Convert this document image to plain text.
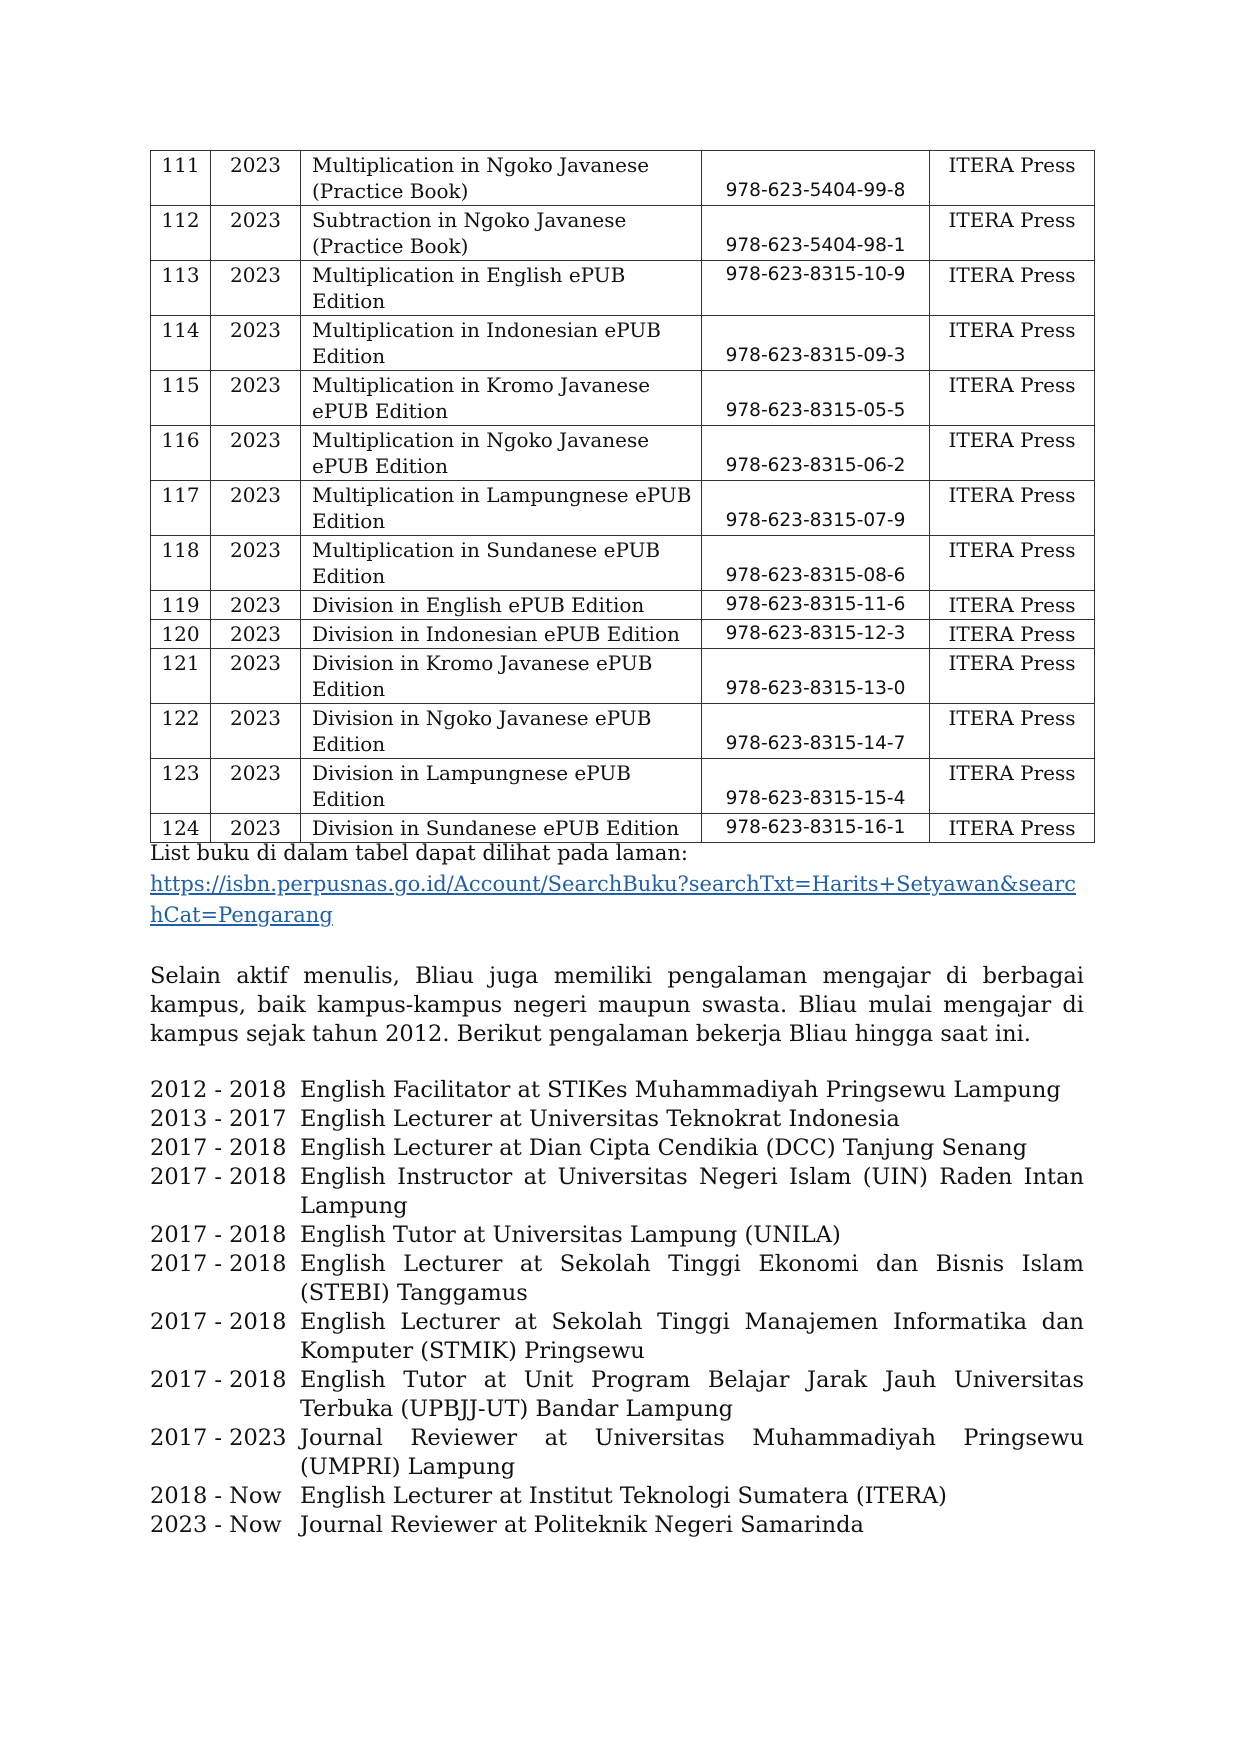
111	2023	Multiplication in Ngoko Javanese (Practice Book)	978-623-5404-99-8	ITERA Press
112	2023	Subtraction in Ngoko Javanese (Practice Book)	978-623-5404-98-1	ITERA Press
113	2023	Multiplication in English ePUB Edition	978-623-8315-10-9	ITERA Press
114	2023	Multiplication in Indonesian ePUB Edition	978-623-8315-09-3	ITERA Press
115	2023	Multiplication in Kromo Javanese ePUB Edition	978-623-8315-05-5	ITERA Press
116	2023	Multiplication in Ngoko Javanese ePUB Edition	978-623-8315-06-2	ITERA Press
117	2023	Multiplication in Lampungnese ePUB Edition	978-623-8315-07-9	ITERA Press
118	2023	Multiplication in Sundanese ePUB Edition	978-623-8315-08-6	ITERA Press
119	2023	Division in English ePUB Edition	978-623-8315-11-6	ITERA Press
120	2023	Division in Indonesian ePUB Edition	978-623-8315-12-3	ITERA Press
121	2023	Division in Kromo Javanese ePUB Edition	978-623-8315-13-0	ITERA Press
122	2023	Division in Ngoko Javanese ePUB Edition	978-623-8315-14-7	ITERA Press
123	2023	Division in Lampungnese ePUB Edition	978-623-8315-15-4	ITERA Press
124	2023	Division in Sundanese ePUB Edition	978-623-8315-16-1	ITERA Press
List buku di dalam tabel dapat dilihat pada laman:
https://isbn.perpusnas.go.id/Account/SearchBuku?searchTxt=Harits+Setyawan&searchCat=Pengarang

Selain aktif menulis, Bliau juga memiliki pengalaman mengajar di berbagai kampus, baik kampus-kampus negeri maupun swasta. Bliau mulai mengajar di kampus sejak tahun 2012. Berikut pengalaman bekerja Bliau hingga saat ini.

2012 - 2018 English Facilitator at STIKes Muhammadiyah Pringsewu Lampung
2013 - 2017 English Lecturer at Universitas Teknokrat Indonesia
2017 - 2018 English Lecturer at Dian Cipta Cendikia (DCC) Tanjung Senang
2017 - 2018 English Instructor at Universitas Negeri Islam (UIN) Raden Intan Lampung
2017 - 2018 English Tutor at Universitas Lampung (UNILA)
2017 - 2018 English Lecturer at Sekolah Tinggi Ekonomi dan Bisnis Islam (STEBI) Tanggamus
2017 - 2018 English Lecturer at Sekolah Tinggi Manajemen Informatika dan Komputer (STMIK) Pringsewu
2017 - 2018 English Tutor at Unit Program Belajar Jarak Jauh Universitas Terbuka (UPBJJ-UT) Bandar Lampung
2017 - 2023 Journal Reviewer at Universitas Muhammadiyah Pringsewu (UMPRI) Lampung
2018 - Now English Lecturer at Institut Teknologi Sumatera (ITERA)
2023 - Now Journal Reviewer at Politeknik Negeri Samarinda
